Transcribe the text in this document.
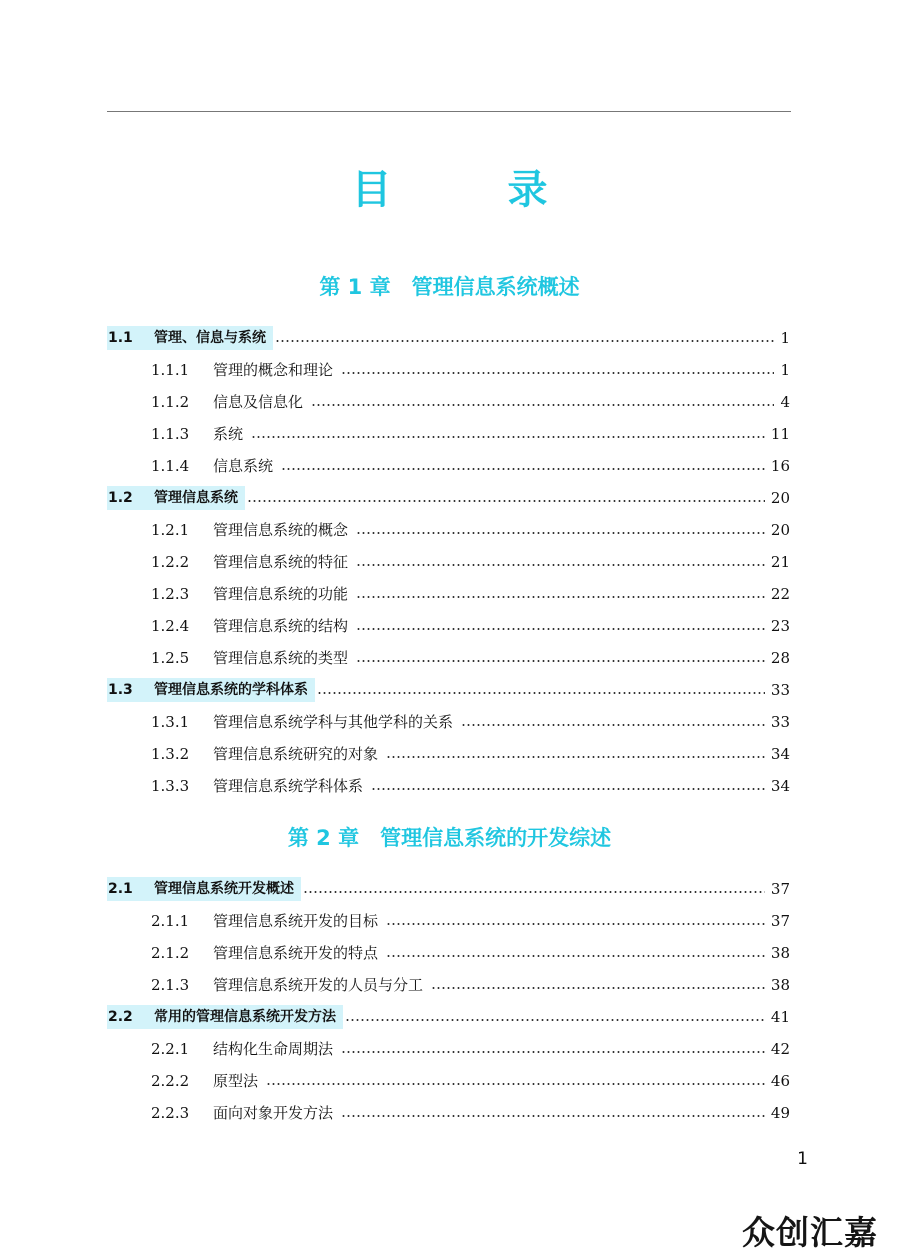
目　录
第 1 章　管理信息系统概述
1.1	管理、信息与系统	1
1.1.1	管理的概念和理论	1
1.1.2	信息及信息化	4
1.1.3	系统	11
1.1.4	信息系统	16
1.2	管理信息系统	20
1.2.1	管理信息系统的概念	20
1.2.2	管理信息系统的特征	21
1.2.3	管理信息系统的功能	22
1.2.4	管理信息系统的结构	23
1.2.5	管理信息系统的类型	28
1.3	管理信息系统的学科体系	33
1.3.1	管理信息系统学科与其他学科的关系	33
1.3.2	管理信息系统研究的对象	34
1.3.3	管理信息系统学科体系	34
第 2 章　管理信息系统的开发综述
2.1	管理信息系统开发概述	37
2.1.1	管理信息系统开发的目标	37
2.1.2	管理信息系统开发的特点	38
2.1.3	管理信息系统开发的人员与分工	38
2.2	常用的管理信息系统开发方法	41
2.2.1	结构化生命周期法	42
2.2.2	原型法	46
2.2.3	面向对象开发方法	49
1
众创汇嘉
